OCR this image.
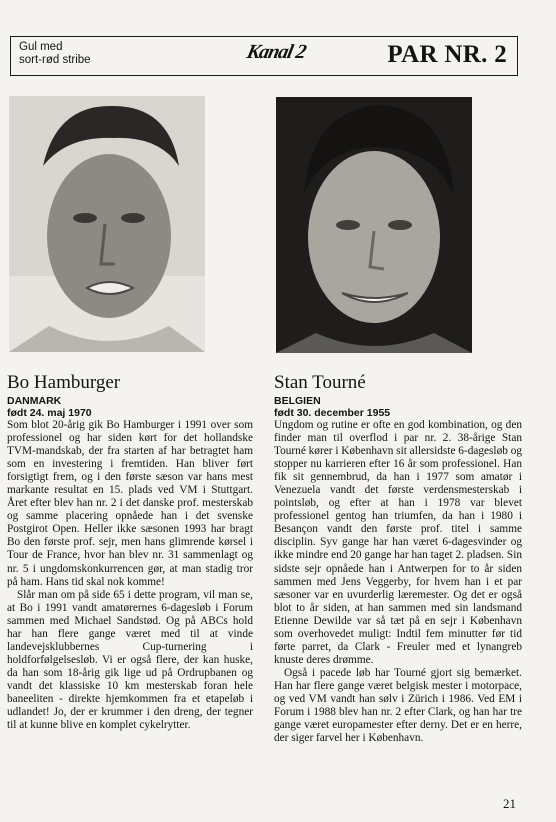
Gul med
sort-rød stribe	Kanal 2	PAR NR. 2
Bo Hamburger
DANMARK
født 24. maj 1970

Som blot 20-årig gik Bo Hamburger i 1991 over som professionel og har siden kørt for det hollandske TVM-mandskab, der fra starten af har betragtet ham som en investering i fremtiden. Han bliver ført forsigtigt frem, og i den første sæson var hans mest markante resultat en 15. plads ved VM i Stuttgart. Året efter blev han nr. 2 i det danske prof. mesterskab og samme placering opnåede han i det svenske Postgirot Open. Heller ikke sæsonen 1993 har bragt Bo den første prof. sejr, men hans glimrende kørsel i Tour de France, hvor han blev nr. 31 sammenlagt og nr. 5 i ungdomskonkurrencen gør, at man stadig tror på ham. Hans tid skal nok komme!

Slår man om på side 65 i dette program, vil man se, at Bo i 1991 vandt amatørernes 6-dagesløb i Forum sammen med Michael Sandstød. Og på ABCs hold har han flere gange været med til at vinde landevejsklubbernes Cup-turnering i holdforfølgelsesløb. Vi er også flere, der kan huske, da han som 18-årig gik lige ud på Ordrupbanen og vandt det klassiske 10 km mesterskab foran hele baneeliten - direkte hjemkommen fra et etapeløb i udlandet! Jo, der er krummer i den dreng, der tegner til at kunne blive en komplet cykelrytter.

Stan Tourné
BELGIEN
født 30. december 1955

Ungdom og rutine er ofte en god kombination, og den finder man til overflod i par nr. 2. 38-årige Stan Tourné kører i København sit allersidste 6-dagesløb og stopper nu karrieren efter 16 år som professionel. Han fik sit gennembrud, da han i 1977 som amatør i Venezuela vandt det første verdensmesterskab i pointsløb, og efter at han i 1978 var blevet professionel gentog han triumfen, da han i 1980 i Besançon vandt den første prof. titel i samme disciplin. Syv gange har han været 6-dagesvinder og ikke mindre end 20 gange har han taget 2. pladsen. Sin sidste sejr opnåede han i Antwerpen for to år siden sammen med Jens Veggerby, for hvem han i et par sæsoner var en uvurderlig læremester. Og det er også blot to år siden, at han sammen med sin landsmand Etienne Dewilde var så tæt på en sejr i København som overhovedet muligt: Indtil fem minutter før tid førte parret, da Clark - Freuler med et lynangreb knuste deres drømme.

Også i pacede løb har Tourné gjort sig bemærket. Han har flere gange været belgisk mester i motorpace, og ved VM vandt han sølv i Zürich i 1986. Ved EM i Forum i 1988 blev han nr. 2 efter Clark, og han har tre gange været europamester efter derny. Det er en herre, der siger farvel her i København.

21
